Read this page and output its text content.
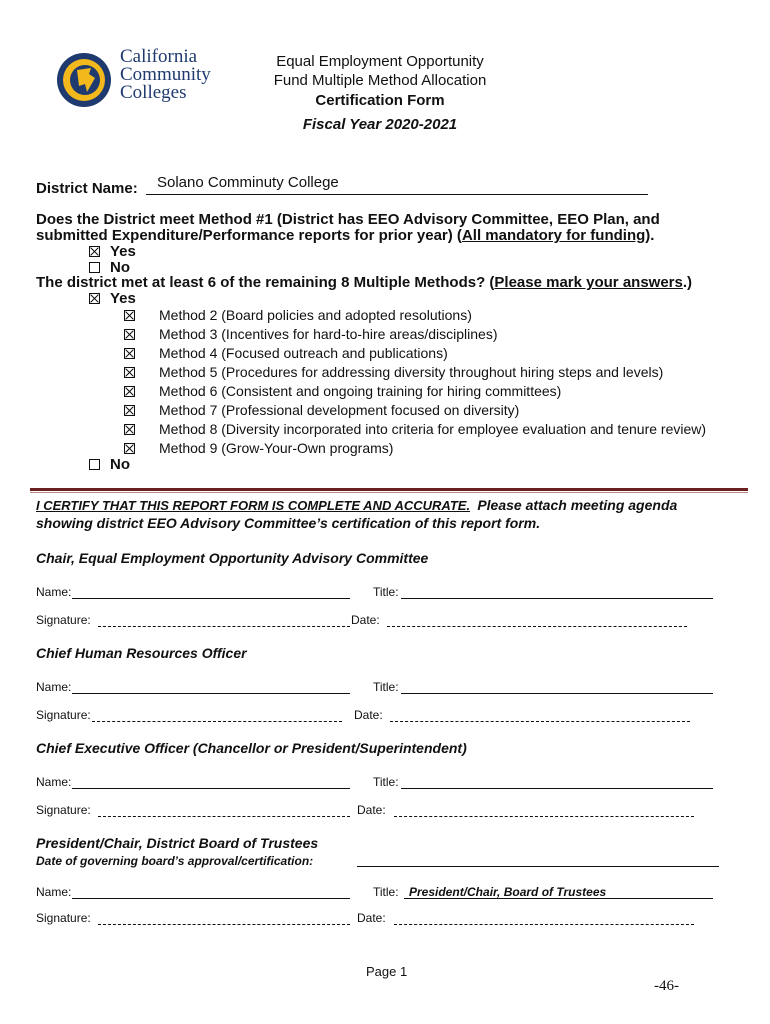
California
Community
Colleges
Equal Employment Opportunity
Fund Multiple Method Allocation
Certification Form
Fiscal Year 2020-2021
District Name: Solano Comminuty College
Does the District meet Method #1 (District has EEO Advisory Committee, EEO Plan, and
submitted Expenditure/Performance reports for prior year) (All mandatory for funding).
Yes
No
The district met at least 6 of the remaining 8 Multiple Methods? (Please mark your answers.)
Yes
Method 2 (Board policies and adopted resolutions)
Method 3 (Incentives for hard-to-hire areas/disciplines)
Method 4 (Focused outreach and publications)
Method 5 (Procedures for addressing diversity throughout hiring steps and levels)
Method 6 (Consistent and ongoing training for hiring committees)
Method 7 (Professional development focused on diversity)
Method 8 (Diversity incorporated into criteria for employee evaluation and tenure review)
Method 9 (Grow-Your-Own programs)
No
I CERTIFY THAT THIS REPORT FORM IS COMPLETE AND ACCURATE. Please attach meeting agenda
showing district EEO Advisory Committee’s certification of this report form.
Chair, Equal Employment Opportunity Advisory Committee
Name:	Title:
Signature:	Date:
Chief Human Resources Officer
Name:	Title:
Signature:	Date:
Chief Executive Officer (Chancellor or President/Superintendent)
Name:	Title:
Signature:	Date:
President/Chair, District Board of Trustees
Date of governing board’s approval/certification:
Name:	Title: President/Chair, Board of Trustees
Signature:	Date:
Page 1
-46-
